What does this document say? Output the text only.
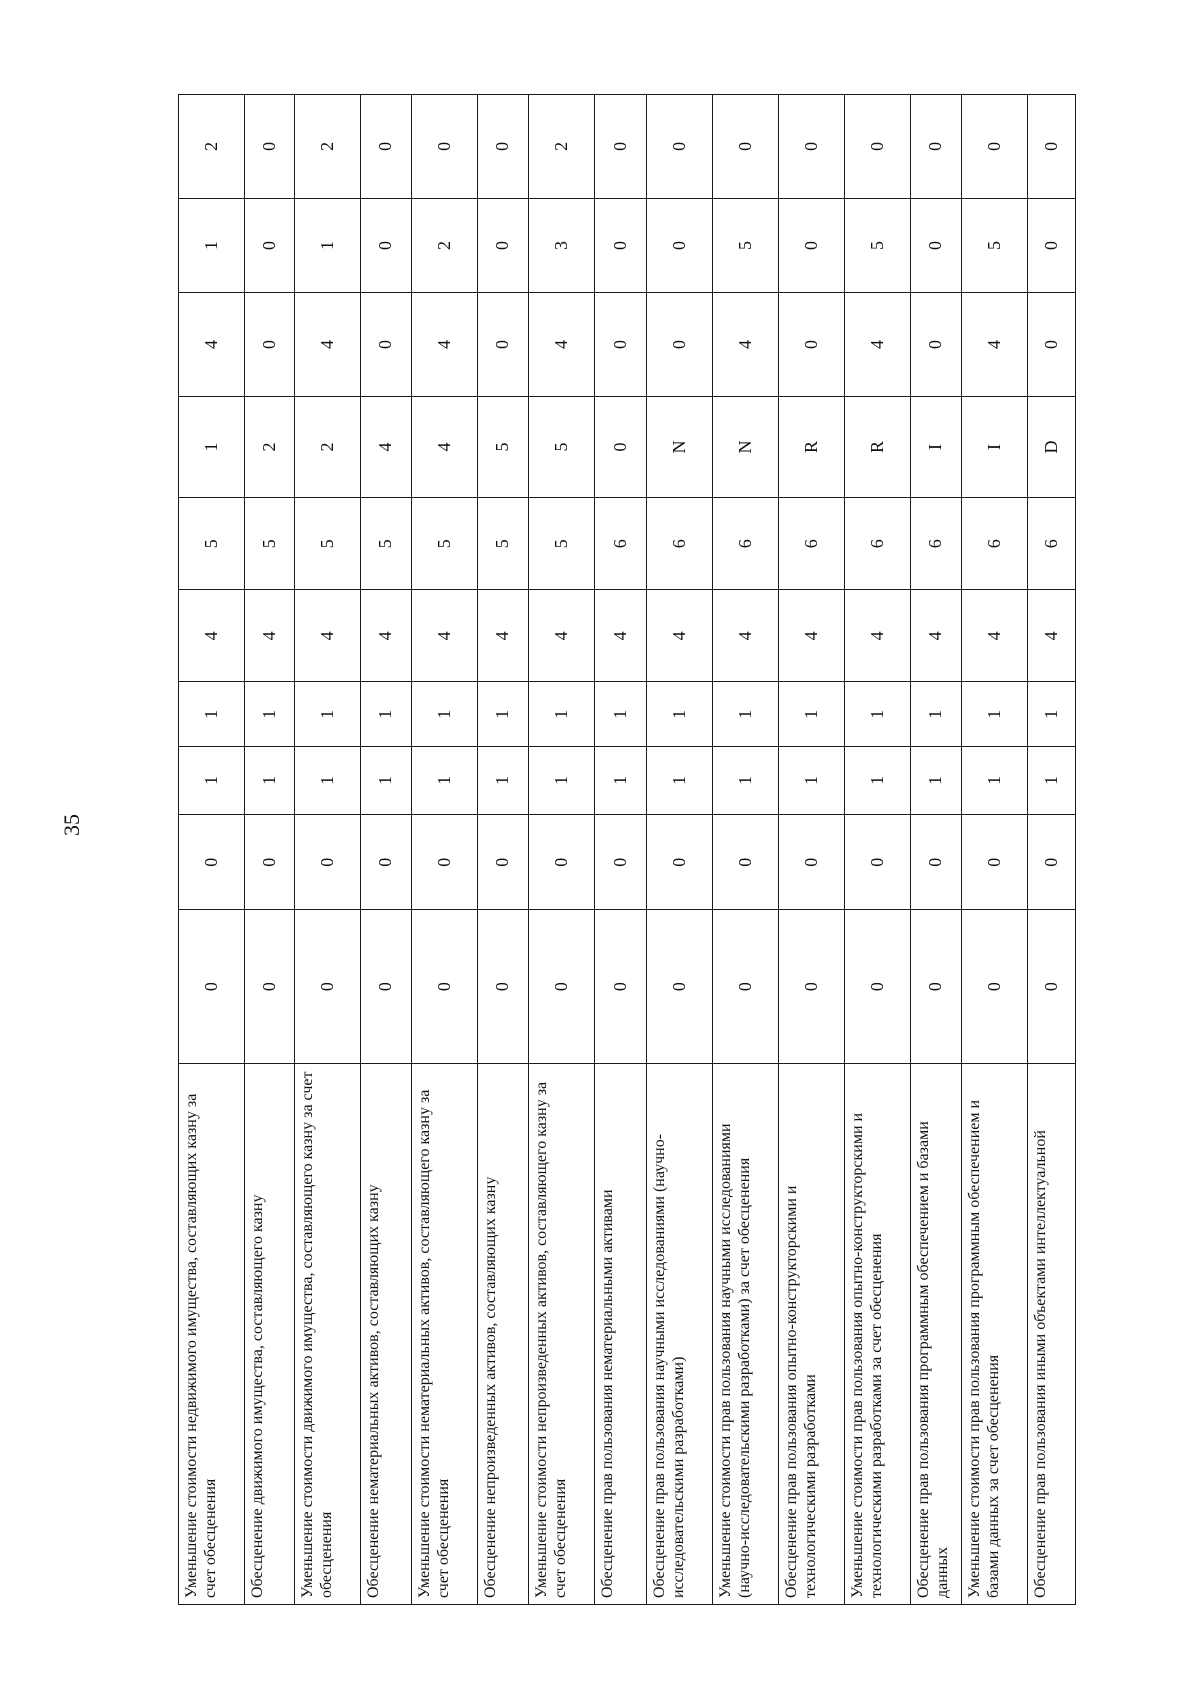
35
Уменьшение стоимости недвижимого имущества, составляющих казну за счет обесценения	0	0	1	1	4	5	1	4	1	2
Обесценение движимого имущества, составляющего казну	0	0	1	1	4	5	2	0	0	0
Уменьшение стоимости движимого имущества, составляющего казну за счет обесценения	0	0	1	1	4	5	2	4	1	2
Обесценение нематериальных активов, составляющих казну	0	0	1	1	4	5	4	0	0	0
Уменьшение стоимости нематериальных активов, составляющего казну за счет обесценения	0	0	1	1	4	5	4	4	2	0
Обесценение непроизведенных активов, составляющих казну	0	0	1	1	4	5	5	0	0	0
Уменьшение стоимости непроизведенных активов, составляющего казну за счет обесценения	0	0	1	1	4	5	5	4	3	2
Обесценение прав пользования нематериальными активами	0	0	1	1	4	6	0	0	0	0
Обесценение прав пользования научными исследованиями (научно-исследовательскими разработками)	0	0	1	1	4	6	N	0	0	0
Уменьшение стоимости прав пользования научными исследованиями (научно-исследовательскими разработками) за счет обесценения	0	0	1	1	4	6	N	4	5	0
Обесценение прав пользования опытно-конструкторскими и технологическими разработками	0	0	1	1	4	6	R	0	0	0
Уменьшение стоимости прав пользования опытно-конструкторскими и технологическими разработками за счет обесценения	0	0	1	1	4	6	R	4	5	0
Обесценение прав пользования программным обеспечением и базами данных	0	0	1	1	4	6	I	0	0	0
Уменьшение стоимости прав пользования программным обеспечением и базами данных за счет обесценения	0	0	1	1	4	6	I	4	5	0
Обесценение прав пользования иными объектами интеллектуальной	0	0	1	1	4	6	D	0	0	0
